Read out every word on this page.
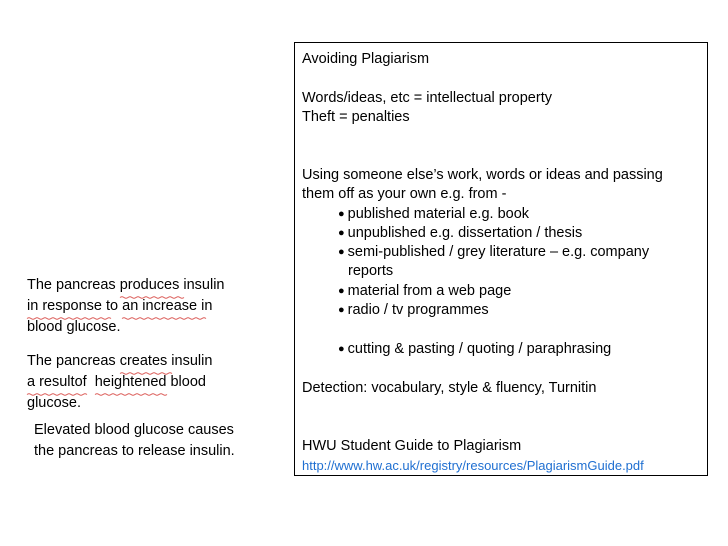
Avoiding Plagiarism
Words/ideas, etc = intellectual property
Theft = penalties
Using someone else’s work, words or ideas and passing
them off as your own e.g. from -
● published material e.g. book
● unpublished e.g. dissertation / thesis
● semi-published / grey literature – e.g. company
reports
● material from a web page
● radio / tv programmes
● cutting & pasting / quoting / paraphrasing
Detection: vocabulary, style & fluency, Turnitin
HWU Student Guide to Plagiarism
http://www.hw.ac.uk/registry/resources/PlagiarismGuide.pdf
The pancreas produces
insulin
in response
to an increase
in
blood glucose.
The pancreas creates
insulin
a result
of heightene
d blood
glucose.
Elevated blood glucose causes
the pancreas to release insulin.
